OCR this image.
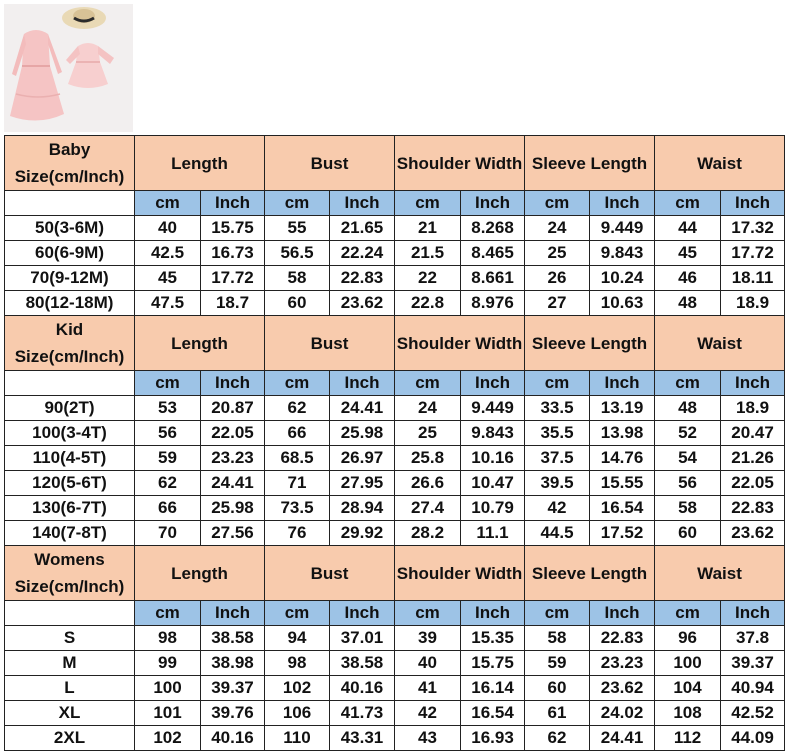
Baby
Size(cm/Inch)	Length		Bust		Shoulder Width		Sleeve Length		Waist	
	cm	Inch	cm	Inch	cm	Inch	cm	Inch	cm	Inch
50(3-6M)	40	15.75	55	21.65	21	8.268	24	9.449	44	17.32
60(6-9M)	42.5	16.73	56.5	22.24	21.5	8.465	25	9.843	45	17.72
70(9-12M)	45	17.72	58	22.83	22	8.661	26	10.24	46	18.11
80(12-18M)	47.5	18.7	60	23.62	22.8	8.976	27	10.63	48	18.9

Kid
Size(cm/Inch)	Length		Bust		Shoulder Width		Sleeve Length		Waist	
	cm	Inch	cm	Inch	cm	Inch	cm	Inch	cm	Inch
90(2T)	53	20.87	62	24.41	24	9.449	33.5	13.19	48	18.9
100(3-4T)	56	22.05	66	25.98	25	9.843	35.5	13.98	52	20.47
110(4-5T)	59	23.23	68.5	26.97	25.8	10.16	37.5	14.76	54	21.26
120(5-6T)	62	24.41	71	27.95	26.6	10.47	39.5	15.55	56	22.05
130(6-7T)	66	25.98	73.5	28.94	27.4	10.79	42	16.54	58	22.83
140(7-8T)	70	27.56	76	29.92	28.2	11.1	44.5	17.52	60	23.62

Womens
Size(cm/Inch)	Length		Bust		Shoulder Width		Sleeve Length		Waist	
	cm	Inch	cm	Inch	cm	Inch	cm	Inch	cm	Inch
S	98	38.58	94	37.01	39	15.35	58	22.83	96	37.8
M	99	38.98	98	38.58	40	15.75	59	23.23	100	39.37
L	100	39.37	102	40.16	41	16.14	60	23.62	104	40.94
XL	101	39.76	106	41.73	42	16.54	61	24.02	108	42.52
2XL	102	40.16	110	43.31	43	16.93	62	24.41	112	44.09
